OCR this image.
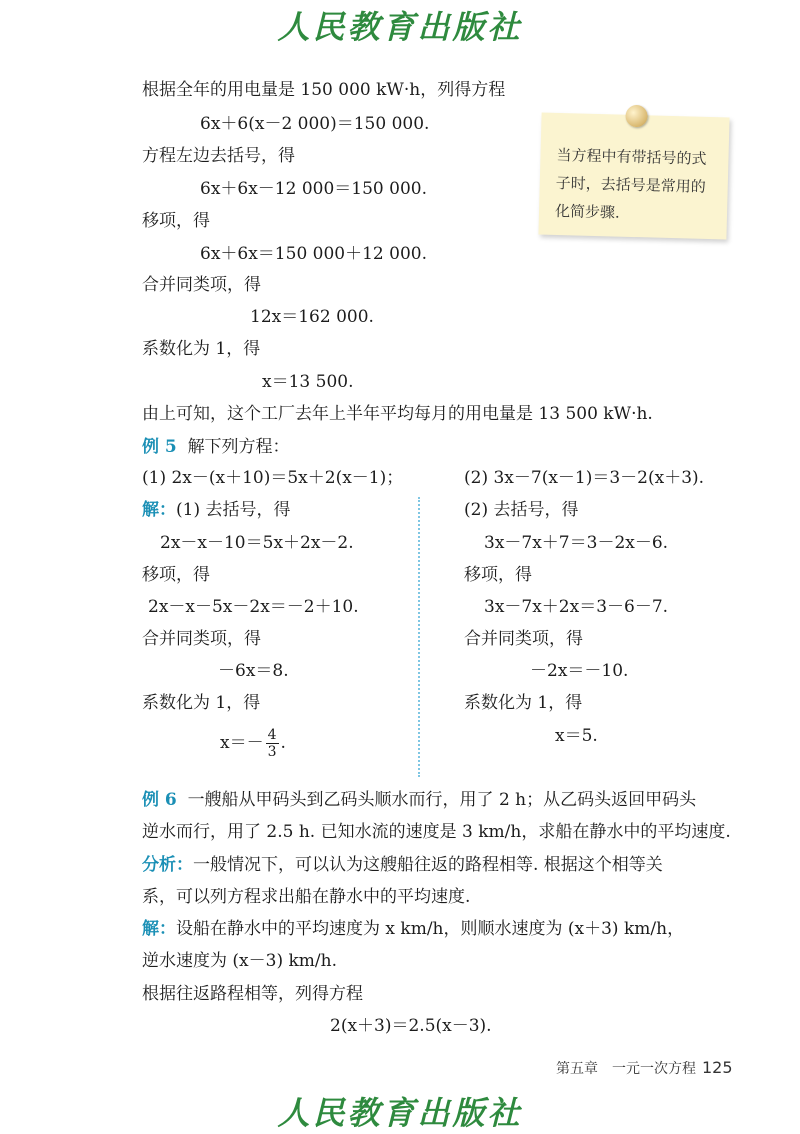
人民教育出版社
根据全年的用电量是 150 000 kW·h，列得方程
6x＋6(x－2 000)＝150 000.
方程左边去括号，得
6x＋6x－12 000＝150 000.
移项，得
6x＋6x＝150 000＋12 000.
合并同类项，得
12x＝162 000.
系数化为 1，得
x＝13 500.
由上可知，这个工厂去年上半年平均每月的用电量是 13 500 kW·h.
当方程中有带括号的式子时，去括号是常用的化简步骤.
例 5 解下列方程：
(1) 2x－(x＋10)＝5x＋2(x－1)；	(2) 3x－7(x－1)＝3－2(x＋3).
解：(1) 去括号，得
2x－x－10＝5x＋2x－2.
移项，得
2x－x－5x－2x＝－2＋10.
合并同类项，得
－6x＝8.
系数化为 1，得
$x=- \frac{4}{3}$ .
(2) 去括号，得
3x－7x＋7＝3－2x－6.
移项，得
3x－7x＋2x＝3－6－7.
合并同类项，得
－2x＝－10.
系数化为 1，得
x＝5.
例 6 一艘船从甲码头到乙码头顺水而行，用了 2 h；从乙码头返回甲码头
逆水而行，用了 2.5 h. 已知水流的速度是 3 km/h，求船在静水中的平均速度.
分析：一般情况下，可以认为这艘船往返的路程相等. 根据这个相等关
系，可以列方程求出船在静水中的平均速度.
解：设船在静水中的平均速度为 x km/h，则顺水速度为 (x＋3) km/h，
逆水速度为 (x－3) km/h.
根据往返路程相等，列得方程
2(x＋3)＝2.5(x－3).
第五章　一元一次方程 125
人民教育出版社
